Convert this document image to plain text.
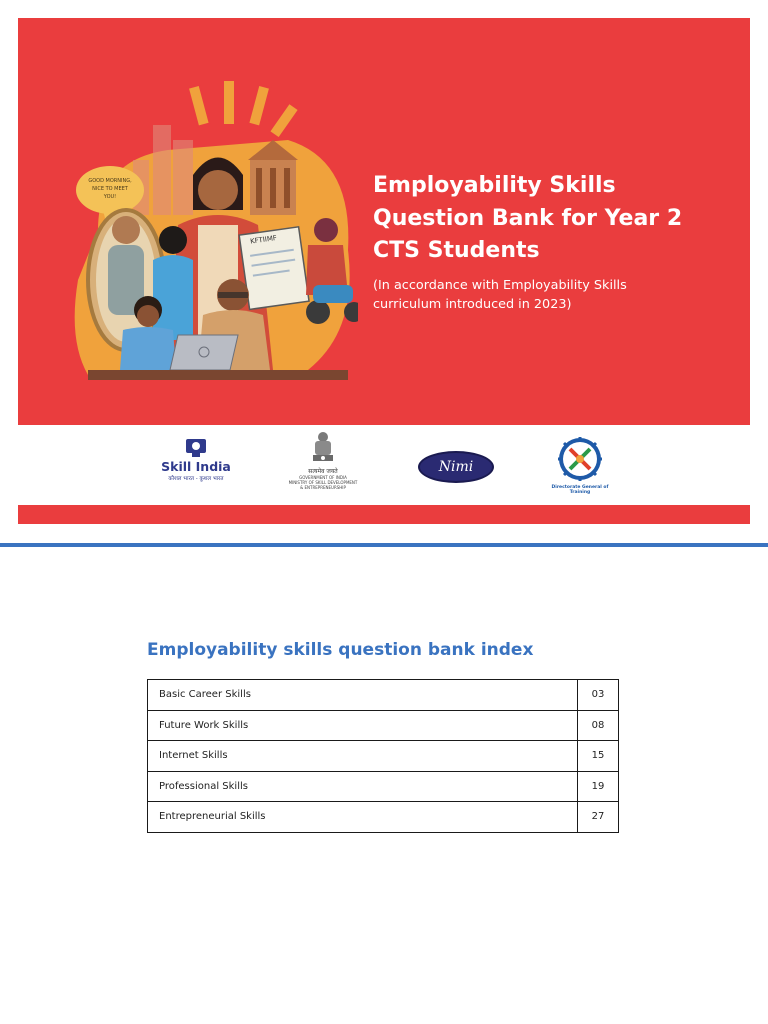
GOOD MORNING,
NICE TO MEET
YOU!
KFTIIMF
Employability Skills
Question Bank for Year 2
CTS Students

(In accordance with Employability Skills
curriculum introduced in 2023)

Skill India
कौशल भारत - कुशल भारत
सत्यमेव जयते
GOVERNMENT OF INDIA
MINISTRY OF SKILL DEVELOPMENT
& ENTREPRENEURSHIP
Nimi
Directorate General of Training
Employability skills question bank index
Basic Career Skills	03
Future Work Skills	08
Internet Skills	15
Professional Skills	19
Entrepreneurial Skills	27
